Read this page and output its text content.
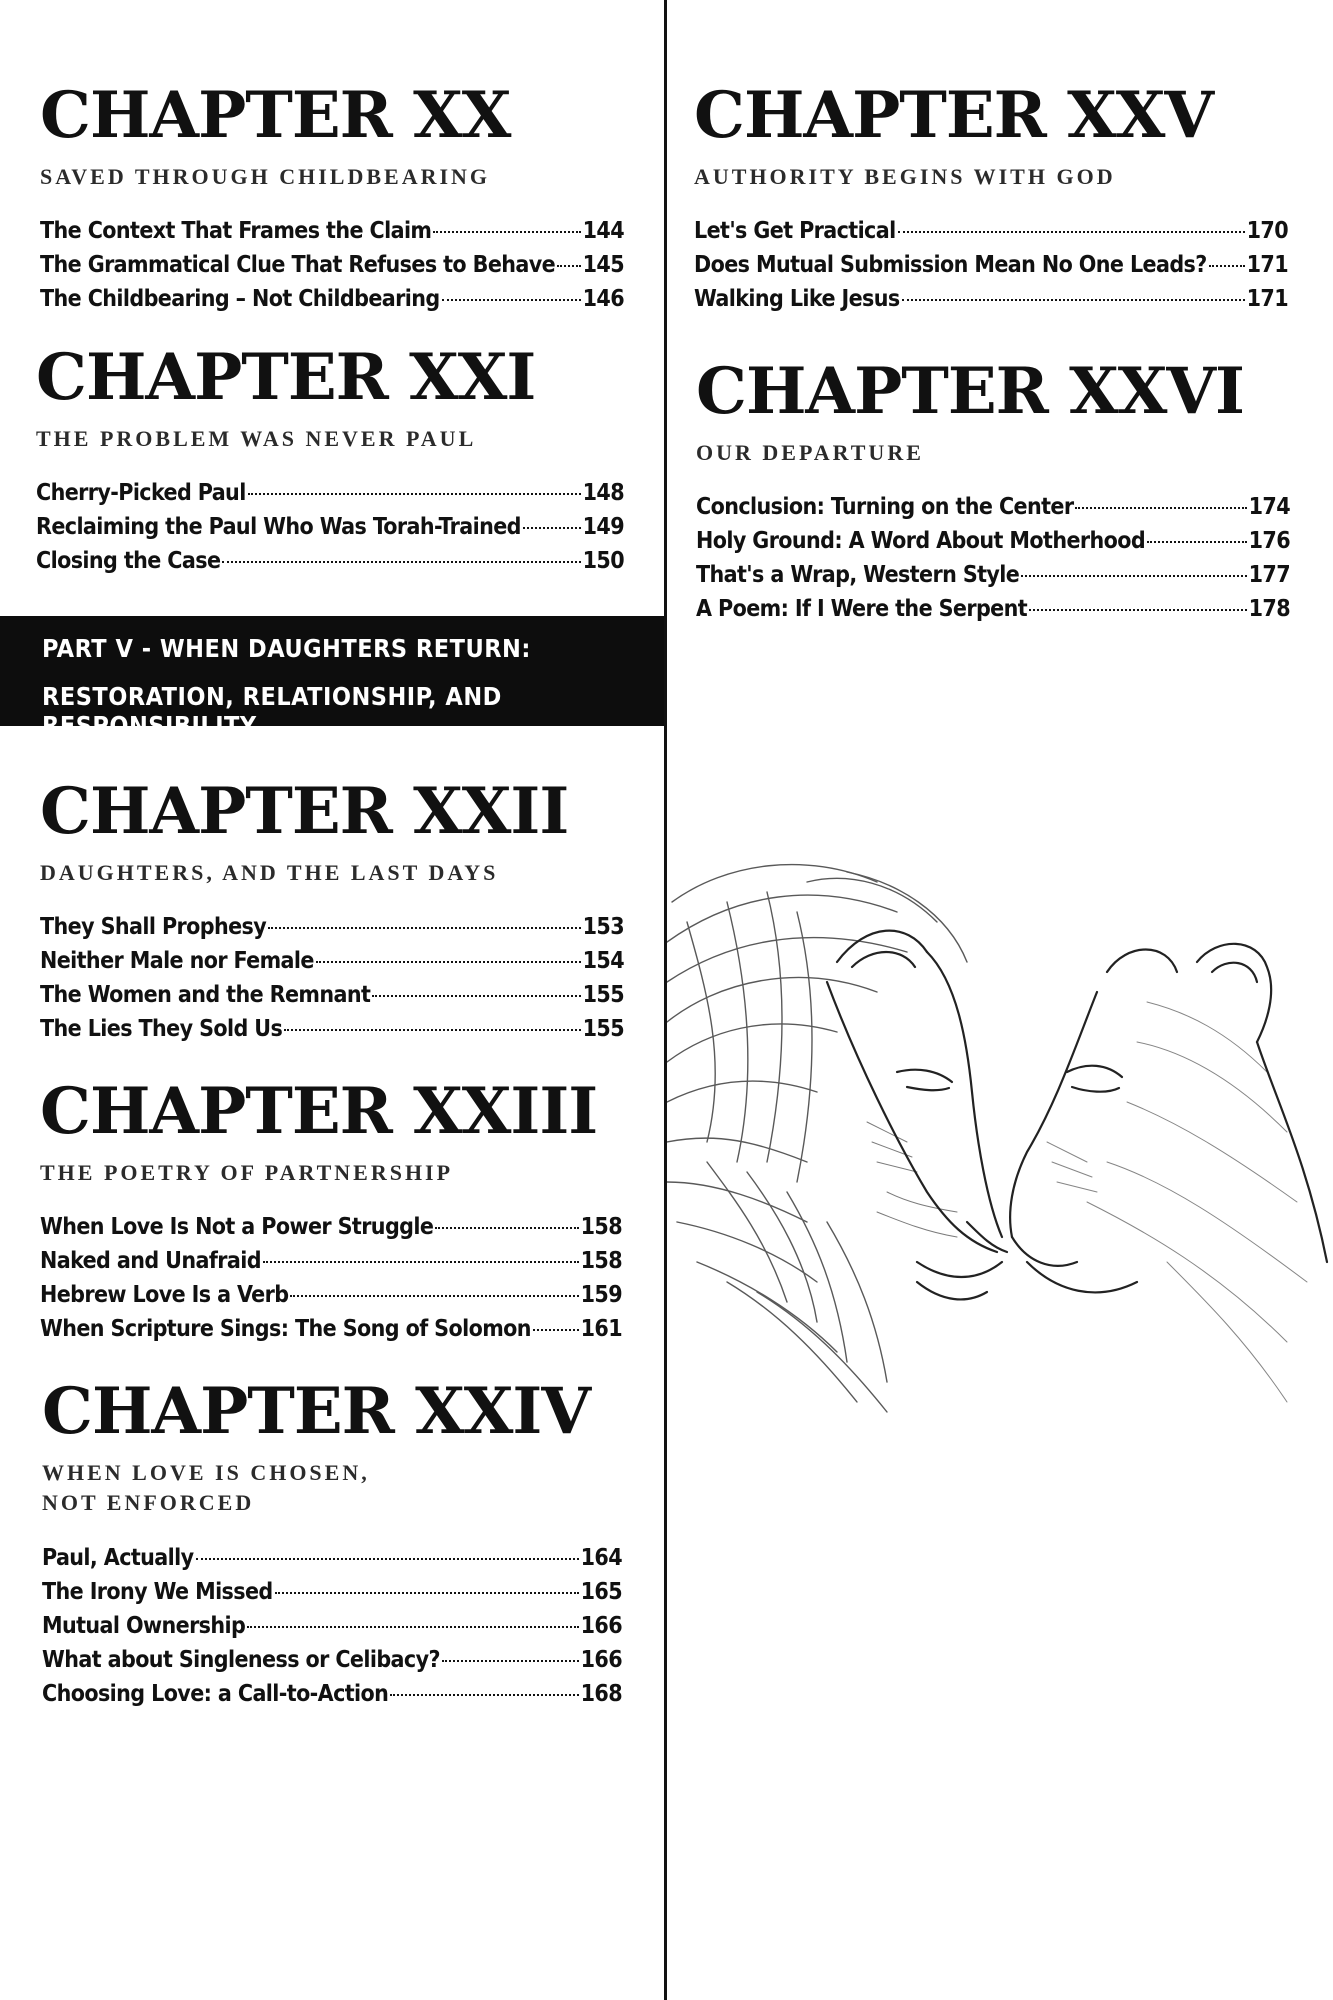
CHAPTER XX
SAVED THROUGH CHILDBEARING
The Context That Frames the Claim	144
The Grammatical Clue That Refuses to Behave 145
The Childbearing – Not Childbearing	146
CHAPTER XXI
THE PROBLEM WAS NEVER PAUL
Cherry-Picked Paul	148
Reclaiming the Paul Who Was Torah-Trained	149
Closing the Case	150
PART V - WHEN DAUGHTERS RETURN:
RESTORATION, RELATIONSHIP, AND RESPONSIBILITY
CHAPTER XXII
DAUGHTERS, AND THE LAST DAYS
They Shall Prophesy	153
Neither Male nor Female	154
The Women and the Remnant	155
The Lies They Sold Us	155
CHAPTER XXIII
THE POETRY OF PARTNERSHIP
When Love Is Not a Power Struggle	158
Naked and Unafraid	158
Hebrew Love Is a Verb	159
When Scripture Sings: The Song of Solomon 161
CHAPTER XXIV
WHEN LOVE IS CHOSEN,
NOT ENFORCED
Paul, Actually	164
The Irony We Missed	165
Mutual Ownership	166
What about Singleness or Celibacy?	166
Choosing Love: a Call-to-Action	168
CHAPTER XXV
AUTHORITY BEGINS WITH GOD
Let's Get Practical	170
Does Mutual Submission Mean No One Leads? 171
Walking Like Jesus	171
CHAPTER XXVI
OUR DEPARTURE
Conclusion: Turning on the Center	174
Holy Ground: A Word About Motherhood	176
That's a Wrap, Western Style	177
A Poem: If I Were the Serpent	178
